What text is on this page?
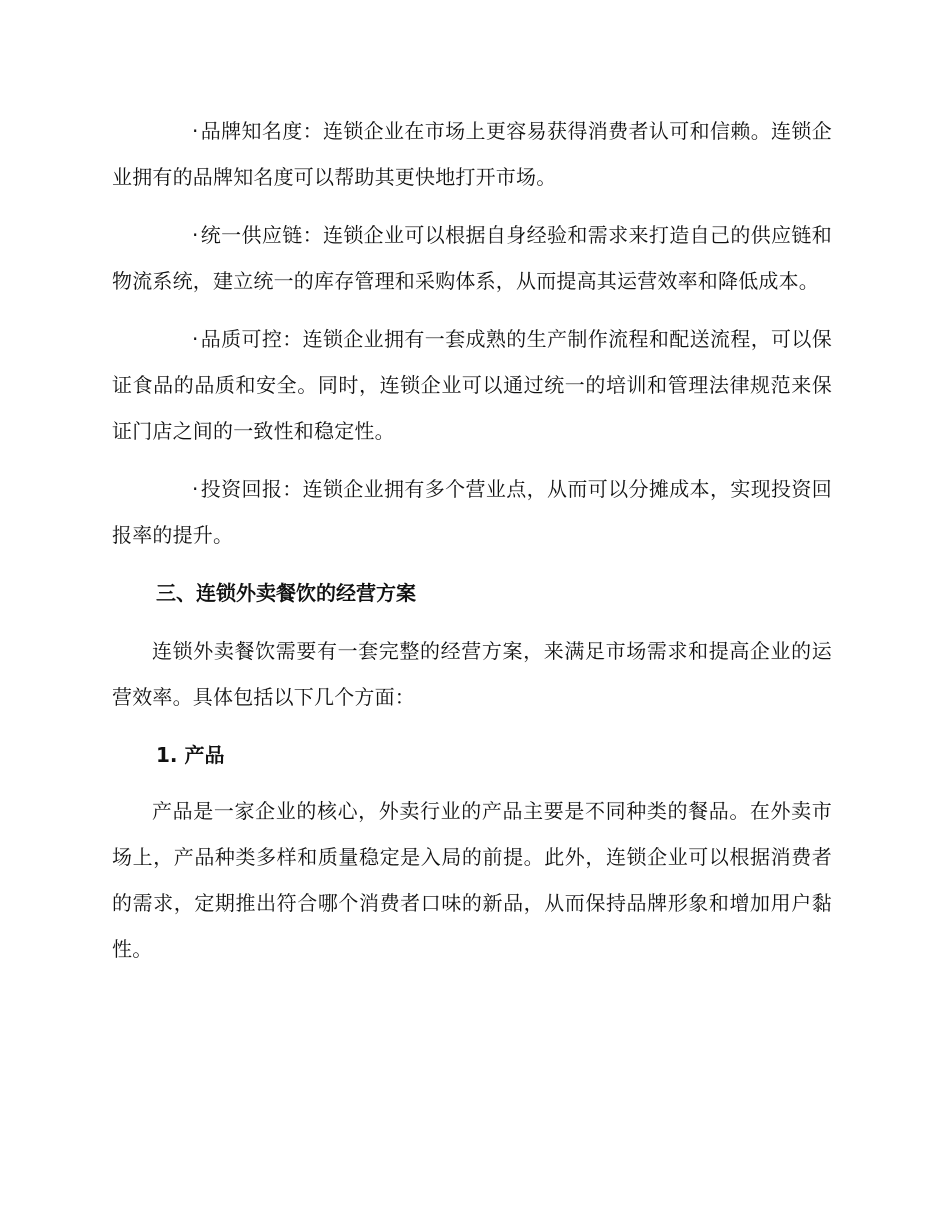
· 品牌知名度：连锁企业在市场上更容易获得消费者认可和信赖。连锁企业拥有的品牌知名度可以帮助其更快地打开市场。

· 统一供应链：连锁企业可以根据自身经验和需求来打造自己的供应链和物流系统，建立统一的库存管理和采购体系，从而提高其运营效率和降低成本。

· 品质可控：连锁企业拥有一套成熟的生产制作流程和配送流程，可以保证食品的品质和安全。同时，连锁企业可以通过统一的培训和管理法律规范来保证门店之间的一致性和稳定性。

· 投资回报：连锁企业拥有多个营业点，从而可以分摊成本，实现投资回报率的提升。

三、连锁外卖餐饮的经营方案

连锁外卖餐饮需要有一套完整的经营方案，来满足市场需求和提高企业的运营效率。具体包括以下几个方面：

1. 产品

产品是一家企业的核心，外卖行业的产品主要是不同种类的餐品。在外卖市场上，产品种类多样和质量稳定是入局的前提。此外，连锁企业可以根据消费者的需求，定期推出符合哪个消费者口味的新品，从而保持品牌形象和增加用户黏性。
